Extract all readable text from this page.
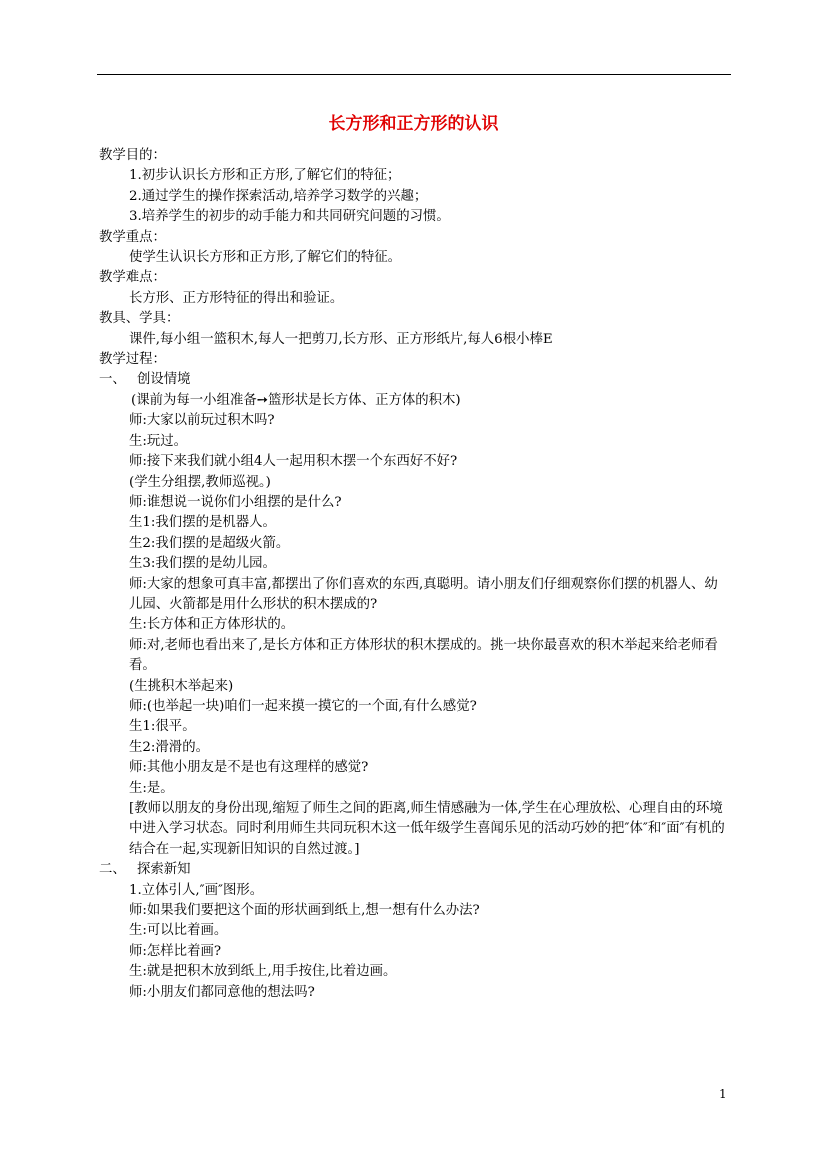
长方形和正方形的认识
教学目的：
1.初步认识长方形和正方形,了解它们的特征；
2.通过学生的操作探索活动,培养学习数学的兴趣；
3.培养学生的初步的动手能力和共同研究问题的习惯。
教学重点：
使学生认识长方形和正方形,了解它们的特征。
教学难点：
长方形、正方形特征的得出和验证。
教具、学具：
课件,每小组一篮积木,每人一把剪刀,长方形、正方形纸片,每人6根小棒E
教学过程：
一、 创设情境
(课前为每一小组准备➙篮形状是长方体、正方体的积木)
师:大家以前玩过积木吗?
生:玩过。
师:接下来我们就小组4人一起用积木摆一个东西好不好?
(学生分组摆,教师巡视。)
师:谁想说一说你们小组摆的是什么?
生1:我们摆的是机器人。
生2:我们摆的是超级火箭。
生3:我们摆的是幼儿园。
师:大家的想象可真丰富,都摆出了你们喜欢的东西,真聪明。请小朋友们仔细观察你们摆的机器人、幼儿园、火箭都是用什么形状的积木摆成的?
生:长方体和正方体形状的。
师:对,老师也看出来了,是长方体和正方体形状的积木摆成的。挑一块你最喜欢的积木举起来给老师看看。
(生挑积木举起来)
师:(也举起一块)咱们一起来摸一摸它的一个面,有什么感觉?
生1:很平。
生2:滑滑的。
师:其他小朋友是不是也有这理样的感觉?
生:是。
[教师以朋友的身份出现,缩短了师生之间的距离,师生情感融为一体,学生在心理放松、心理自由的环境中进入学习状态。同时利用师生共同玩积木这一低年级学生喜闻乐见的活动巧妙的把″体″和″面″有机的结合在一起,实现新旧知识的自然过渡。]
二、 探索新知
1.立体引人,″画″图形。
师:如果我们要把这个面的形状画到纸上,想一想有什么办法?
生:可以比着画。
师:怎样比着画?
生:就是把积木放到纸上,用手按住,比着边画。
师:小朋友们都同意他的想法吗?
1
